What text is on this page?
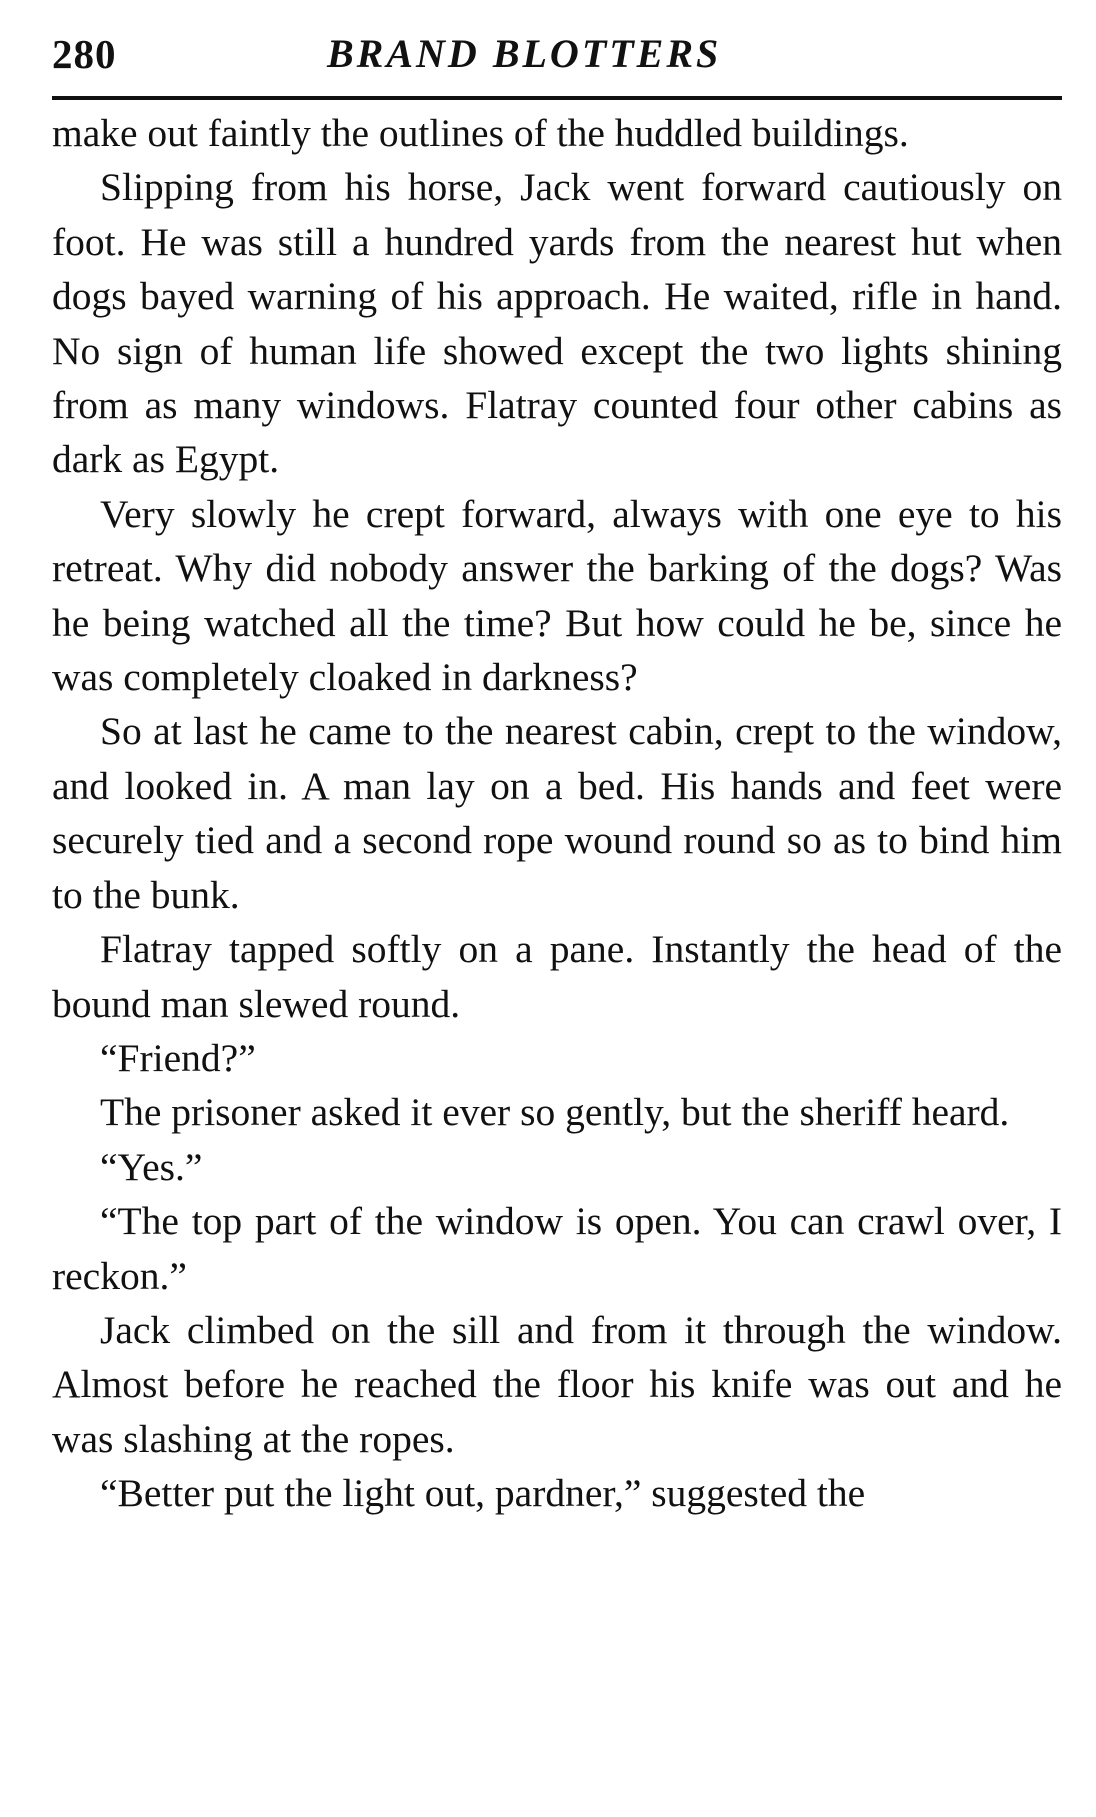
280	BRAND BLOTTERS

make out faintly the outlines of the huddled buildings.

Slipping from his horse, Jack went forward cautiously on foot. He was still a hundred yards from the nearest hut when dogs bayed warning of his approach. He waited, rifle in hand. No sign of human life showed except the two lights shining from as many windows. Flatray counted four other cabins as dark as Egypt.

Very slowly he crept forward, always with one eye to his retreat. Why did nobody answer the barking of the dogs? Was he being watched all the time? But how could he be, since he was completely cloaked in darkness?

So at last he came to the nearest cabin, crept to the window, and looked in. A man lay on a bed. His hands and feet were securely tied and a second rope wound round so as to bind him to the bunk.

Flatray tapped softly on a pane. Instantly the head of the bound man slewed round.

“Friend?”

The prisoner asked it ever so gently, but the sheriff heard.

“Yes.”

“The top part of the window is open. You can crawl over, I reckon.”

Jack climbed on the sill and from it through the window. Almost before he reached the floor his knife was out and he was slashing at the ropes.

“Better put the light out, pardner,” suggested the
